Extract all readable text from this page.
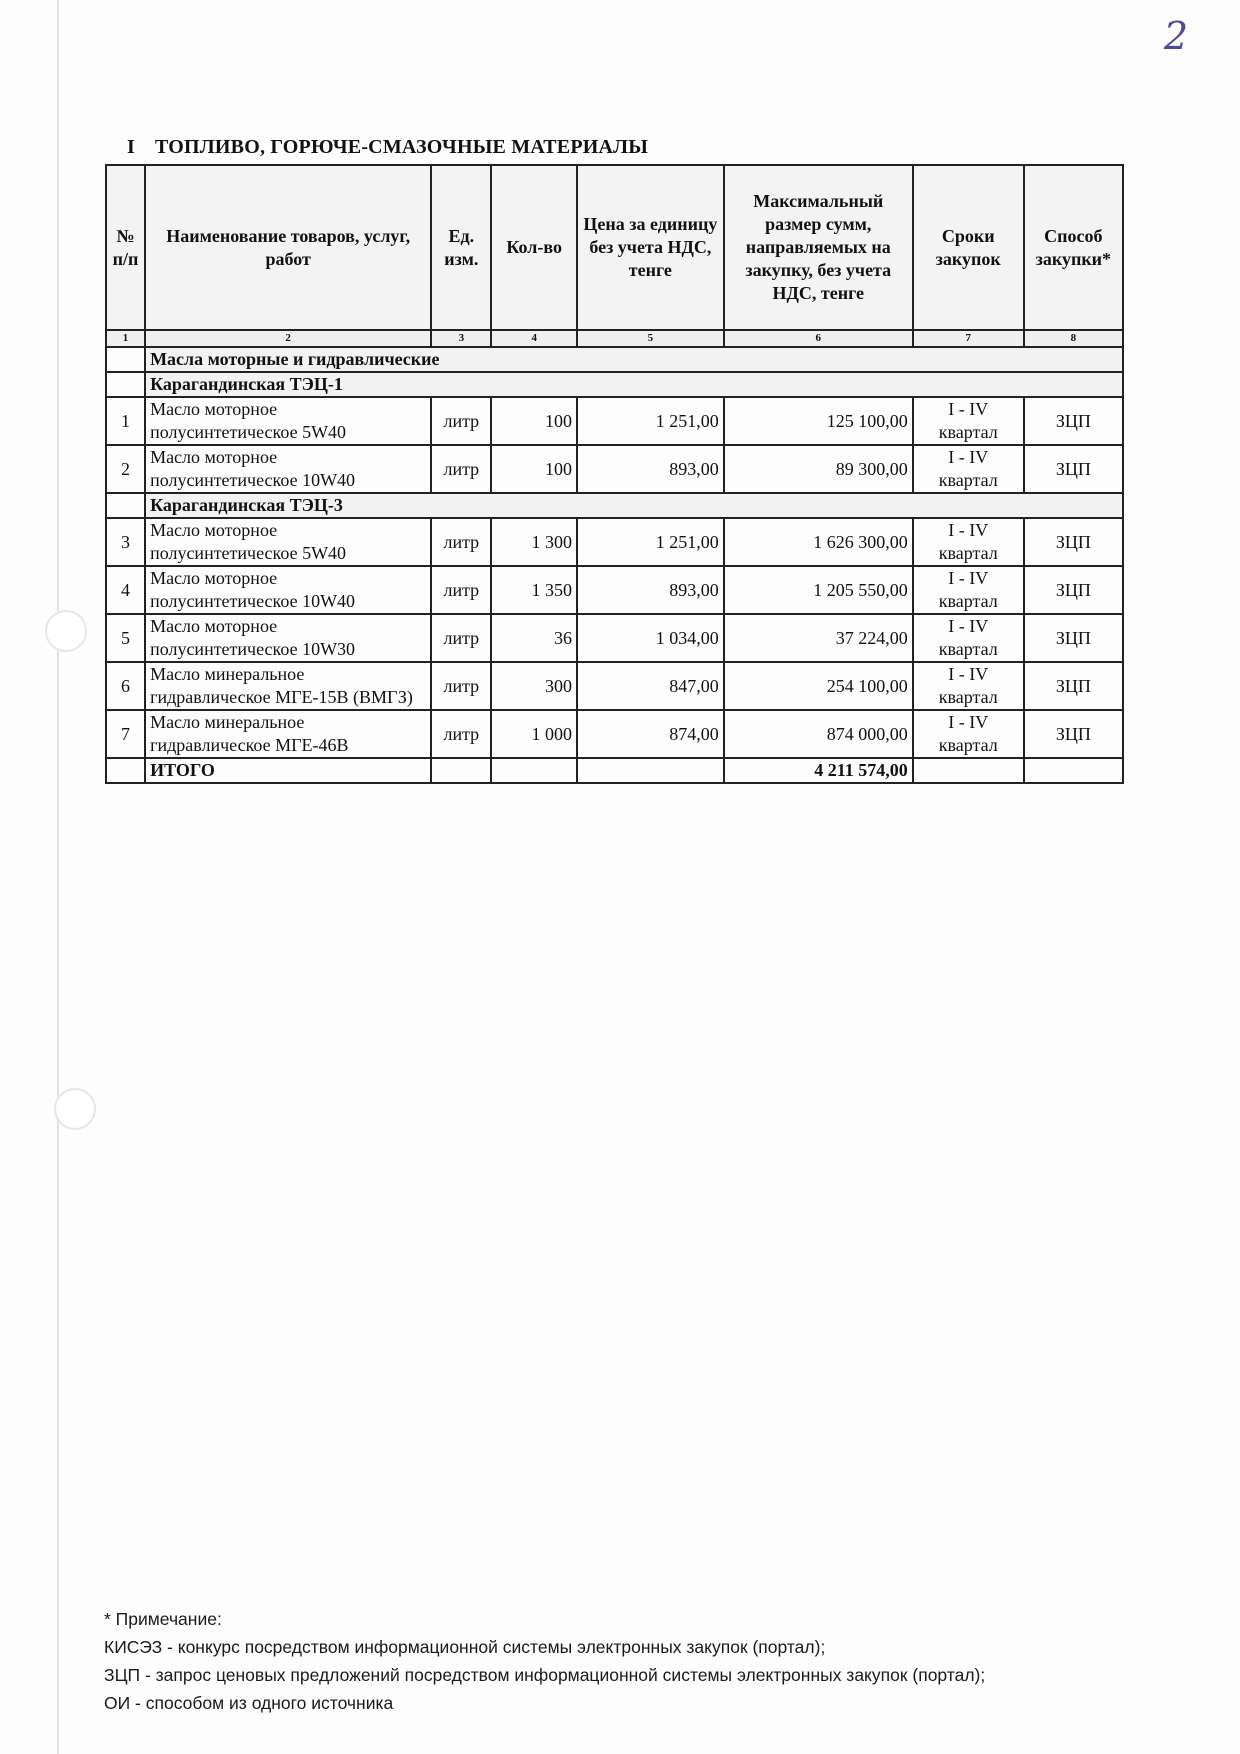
2
I ТОПЛИВО, ГОРЮЧЕ-СМАЗОЧНЫЕ МАТЕРИАЛЫ
№ п/п	Наименование товаров, услуг, работ	Ед. изм.	Кол-во	Цена за единицу без учета НДС, тенге	Максимальный размер сумм, направляемых на закупку, без учета НДС, тенге	Сроки закупок	Способ закупки*
1	2	3	4	5	6	7	8
	Масла моторные и гидравлические						
	Карагандинская ТЭЦ-1						
1	Масло моторное полусинтетическое 5W40	литр	100	1 251,00	125 100,00	I - IV квартал	ЗЦП
2	Масло моторное полусинтетическое 10W40	литр	100	893,00	89 300,00	I - IV квартал	ЗЦП
	Карагандинская ТЭЦ-3						
3	Масло моторное полусинтетическое 5W40	литр	1 300	1 251,00	1 626 300,00	I - IV квартал	ЗЦП
4	Масло моторное полусинтетическое 10W40	литр	1 350	893,00	1 205 550,00	I - IV квартал	ЗЦП
5	Масло моторное полусинтетическое 10W30	литр	36	1 034,00	37 224,00	I - IV квартал	ЗЦП
6	Масло минеральное гидравлическое МГЕ-15В (ВМГЗ)	литр	300	847,00	254 100,00	I - IV квартал	ЗЦП
7	Масло минеральное гидравлическое МГЕ-46В	литр	1 000	874,00	874 000,00	I - IV квартал	ЗЦП
	ИТОГО				4 211 574,00		
* Примечание:
КИСЭЗ - конкурс посредством информационной системы электронных закупок (портал);
ЗЦП - запрос ценовых предложений посредством информационной системы электронных закупок (портал);
ОИ - способом из одного источника
